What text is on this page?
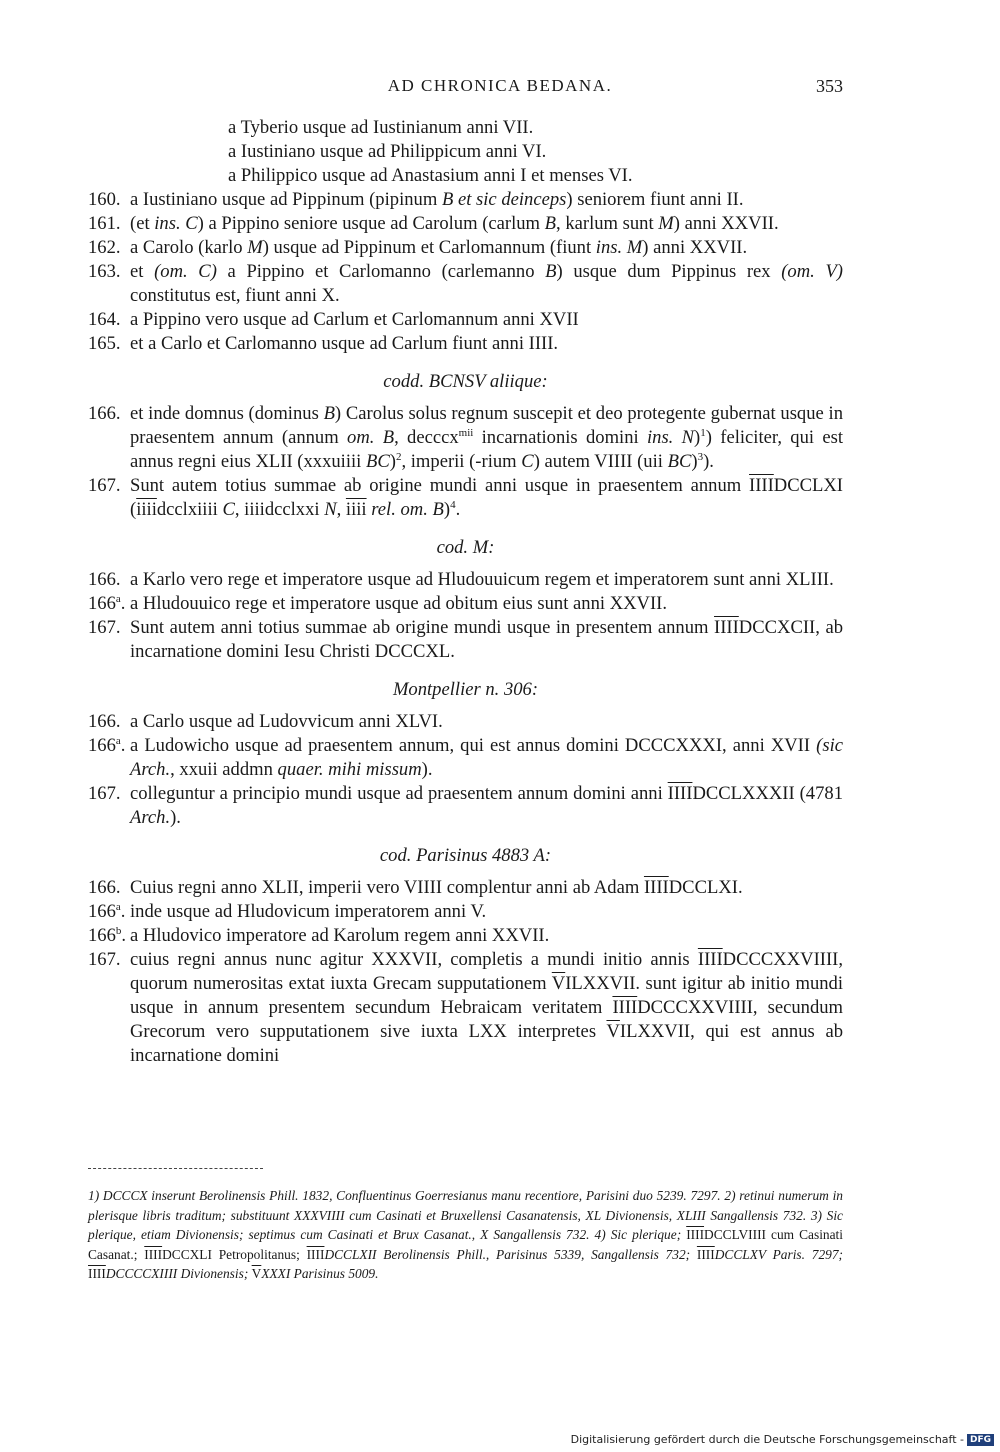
AD CHRONICA BEDANA.	353
a Tyberio usque ad Iustinianum anni VII.
a Iustiniano usque ad Philippicum anni VI.
a Philippico usque ad Anastasium anni I et menses VI.
160. a Iustiniano usque ad Pippinum (pipinum B et sic deinceps) seniorem fiunt anni II.
161. (et ins. C) a Pippino seniore usque ad Carolum (carlum B, karlum sunt M) anni XXVII.
162. a Carolo (karlo M) usque ad Pippinum et Carlomannum (fiunt ins. M) anni XXVII.
163. et (om. C) a Pippino et Carlomanno (carlemanno B) usque dum Pippinus rex (om. V) constitutus est, fiunt anni X.
164. a Pippino vero usque ad Carlum et Carlomannum anni XVII
165. et a Carlo et Carlomanno usque ad Carlum fiunt anni IIII.
codd. BCNSV aliique:
166. et inde domnus (dominus B) Carolus solus regnum suscepit et deo protegente gubernat usque in praesentem annum (annum om. B, decccx$^{mii}$ incarnationis domini ins. N)$^1$) feliciter, qui est annus regni eius XLII (xxxuiiii BC)$^2$, imperii (-rium C) autem VIIII (uii BC)$^3$).
167. Sunt autem totius summae ab origine mundi anni usque in praesentem annum IIIIDCCLXI (iiiidcclxiiii C, iiiidcclxxi N, iiii rel. om. B)$^4$.
cod. M:
166. a Karlo vero rege et imperatore usque ad Hludouuicum regem et imperatorem sunt anni XLIII.
166$^a$. a Hludouuico rege et imperatore usque ad obitum eius sunt anni XXVII.
167. Sunt autem anni totius summae ab origine mundi usque in presentem annum IIIIDCCXCII, ab incarnatione domini Iesu Christi DCCCXL.
Montpellier n. 306:
166. a Carlo usque ad Ludovvicum anni XLVI.
166$^a$. a Ludowicho usque ad praesentem annum, qui est annus domini DCCCXXXI, anni XVII (sic Arch., xxuii addmn quaer. mihi missum).
167. colleguntur a principio mundi usque ad praesentem annum domini anni IIIIDCCLXXXII (4781 Arch.).
cod. Parisinus 4883 A:
166. Cuius regni anno XLII, imperii vero VIIII complentur anni ab Adam IIIIDCCLXI.
166$^a$. inde usque ad Hludovicum imperatorem anni V.
166$^b$. a Hludovico imperatore ad Karolum regem anni XXVII.
167. cuius regni annus nunc agitur XXXVII, completis a mundi initio annis IIIIDCCCXXVIIII, quorum numerositas extat iuxta Grecam supputationem $\overline{V}ILXXVII$. sunt igitur ab initio mundi usque in annum presentem secundum Hebraicam veritatem IIIIDCCCXXVIIII, secundum Grecorum vero supputationem sive iuxta LXX interpretes $\overline{V}ILXXVII$, qui est annus ab incarnatione domini
1) DCCCX inserunt Berolinensis Phill. 1832, Confluentinus Goerresianus manu recentiore, Parisini duo 5239. 7297. 2) retinui numerum in plerisque libris traditum; substituunt XXXVIIII cum Casinati et Bruxellensi Casanatensis, XL Divionensis, XLIII Sangallensis 732. 3) Sic plerique, etiam Divionensis; septimus cum Casinati et Brux Casanat., X Sangallensis 732. 4) Sic plerique; IIIIDCCLVIIII cum Casinati Casanat.; IIIIDCCXLI Petropolitanus; IIIIDCCLXII Berolinensis Phill., Parisinus 5339, Sangallensis 732; IIIIDCCLXV Paris. 7297; IIIIDCCCCXIIII Divionensis; $\overline{V}XXXI$ Parisinus 5009.
Digitalisierung gefördert durch die Deutsche Forschungsgemeinschaft - DFG
